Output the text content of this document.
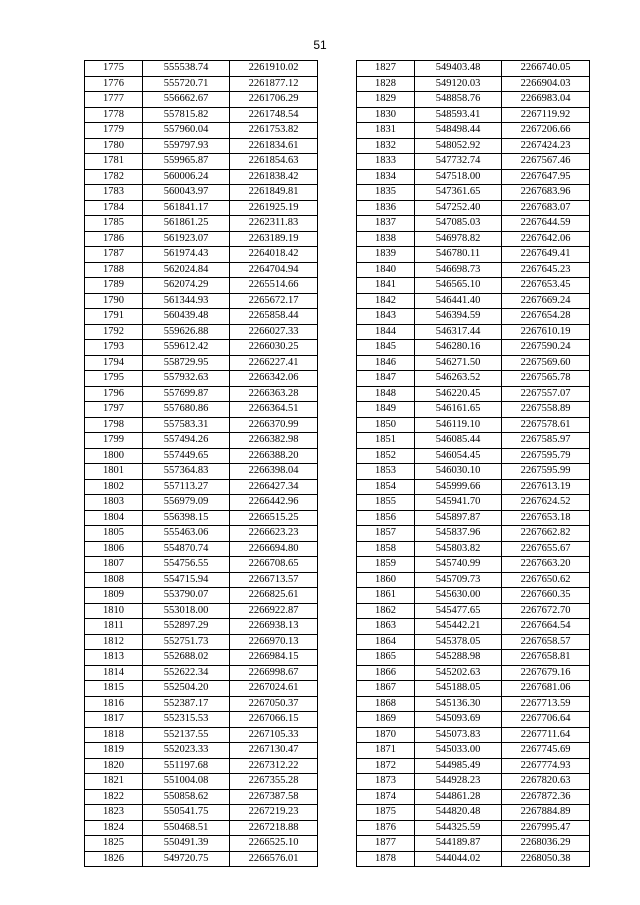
51
1775	555538.74	2261910.02
1776	555720.71	2261877.12
1777	556662.67	2261706.29
1778	557815.82	2261748.54
1779	557960.04	2261753.82
1780	559797.93	2261834.61
1781	559965.87	2261854.63
1782	560006.24	2261838.42
1783	560043.97	2261849.81
1784	561841.17	2261925.19
1785	561861.25	2262311.83
1786	561923.07	2263189.19
1787	561974.43	2264018.42
1788	562024.84	2264704.94
1789	562074.29	2265514.66
1790	561344.93	2265672.17
1791	560439.48	2265858.44
1792	559626.88	2266027.33
1793	559612.42	2266030.25
1794	558729.95	2266227.41
1795	557932.63	2266342.06
1796	557699.87	2266363.28
1797	557680.86	2266364.51
1798	557583.31	2266370.99
1799	557494.26	2266382.98
1800	557449.65	2266388.20
1801	557364.83	2266398.04
1802	557113.27	2266427.34
1803	556979.09	2266442.96
1804	556398.15	2266515.25
1805	555463.06	2266623.23
1806	554870.74	2266694.80
1807	554756.55	2266708.65
1808	554715.94	2266713.57
1809	553790.07	2266825.61
1810	553018.00	2266922.87
1811	552897.29	2266938.13
1812	552751.73	2266970.13
1813	552688.02	2266984.15
1814	552622.34	2266998.67
1815	552504.20	2267024.61
1816	552387.17	2267050.37
1817	552315.53	2267066.15
1818	552137.55	2267105.33
1819	552023.33	2267130.47
1820	551197.68	2267312.22
1821	551004.08	2267355.28
1822	550858.62	2267387.58
1823	550541.75	2267219.23
1824	550468.51	2267218.88
1825	550491.39	2266525.10
1826	549720.75	2266576.01
1827	549403.48	2266740.05
1828	549120.03	2266904.03
1829	548858.76	2266983.04
1830	548593.41	2267119.92
1831	548498.44	2267206.66
1832	548052.92	2267424.23
1833	547732.74	2267567.46
1834	547518.00	2267647.95
1835	547361.65	2267683.96
1836	547252.40	2267683.07
1837	547085.03	2267644.59
1838	546978.82	2267642.06
1839	546780.11	2267649.41
1840	546698.73	2267645.23
1841	546565.10	2267653.45
1842	546441.40	2267669.24
1843	546394.59	2267654.28
1844	546317.44	2267610.19
1845	546280.16	2267590.24
1846	546271.50	2267569.60
1847	546263.52	2267565.78
1848	546220.45	2267557.07
1849	546161.65	2267558.89
1850	546119.10	2267578.61
1851	546085.44	2267585.97
1852	546054.45	2267595.79
1853	546030.10	2267595.99
1854	545999.66	2267613.19
1855	545941.70	2267624.52
1856	545897.87	2267653.18
1857	545837.96	2267662.82
1858	545803.82	2267655.67
1859	545740.99	2267663.20
1860	545709.73	2267650.62
1861	545630.00	2267660.35
1862	545477.65	2267672.70
1863	545442.21	2267664.54
1864	545378.05	2267658.57
1865	545288.98	2267658.81
1866	545202.63	2267679.16
1867	545188.05	2267681.06
1868	545136.30	2267713.59
1869	545093.69	2267706.64
1870	545073.83	2267711.64
1871	545033.00	2267745.69
1872	544985.49	2267774.93
1873	544928.23	2267820.63
1874	544861.28	2267872.36
1875	544820.48	2267884.89
1876	544325.59	2267995.47
1877	544189.87	2268036.29
1878	544044.02	2268050.38
